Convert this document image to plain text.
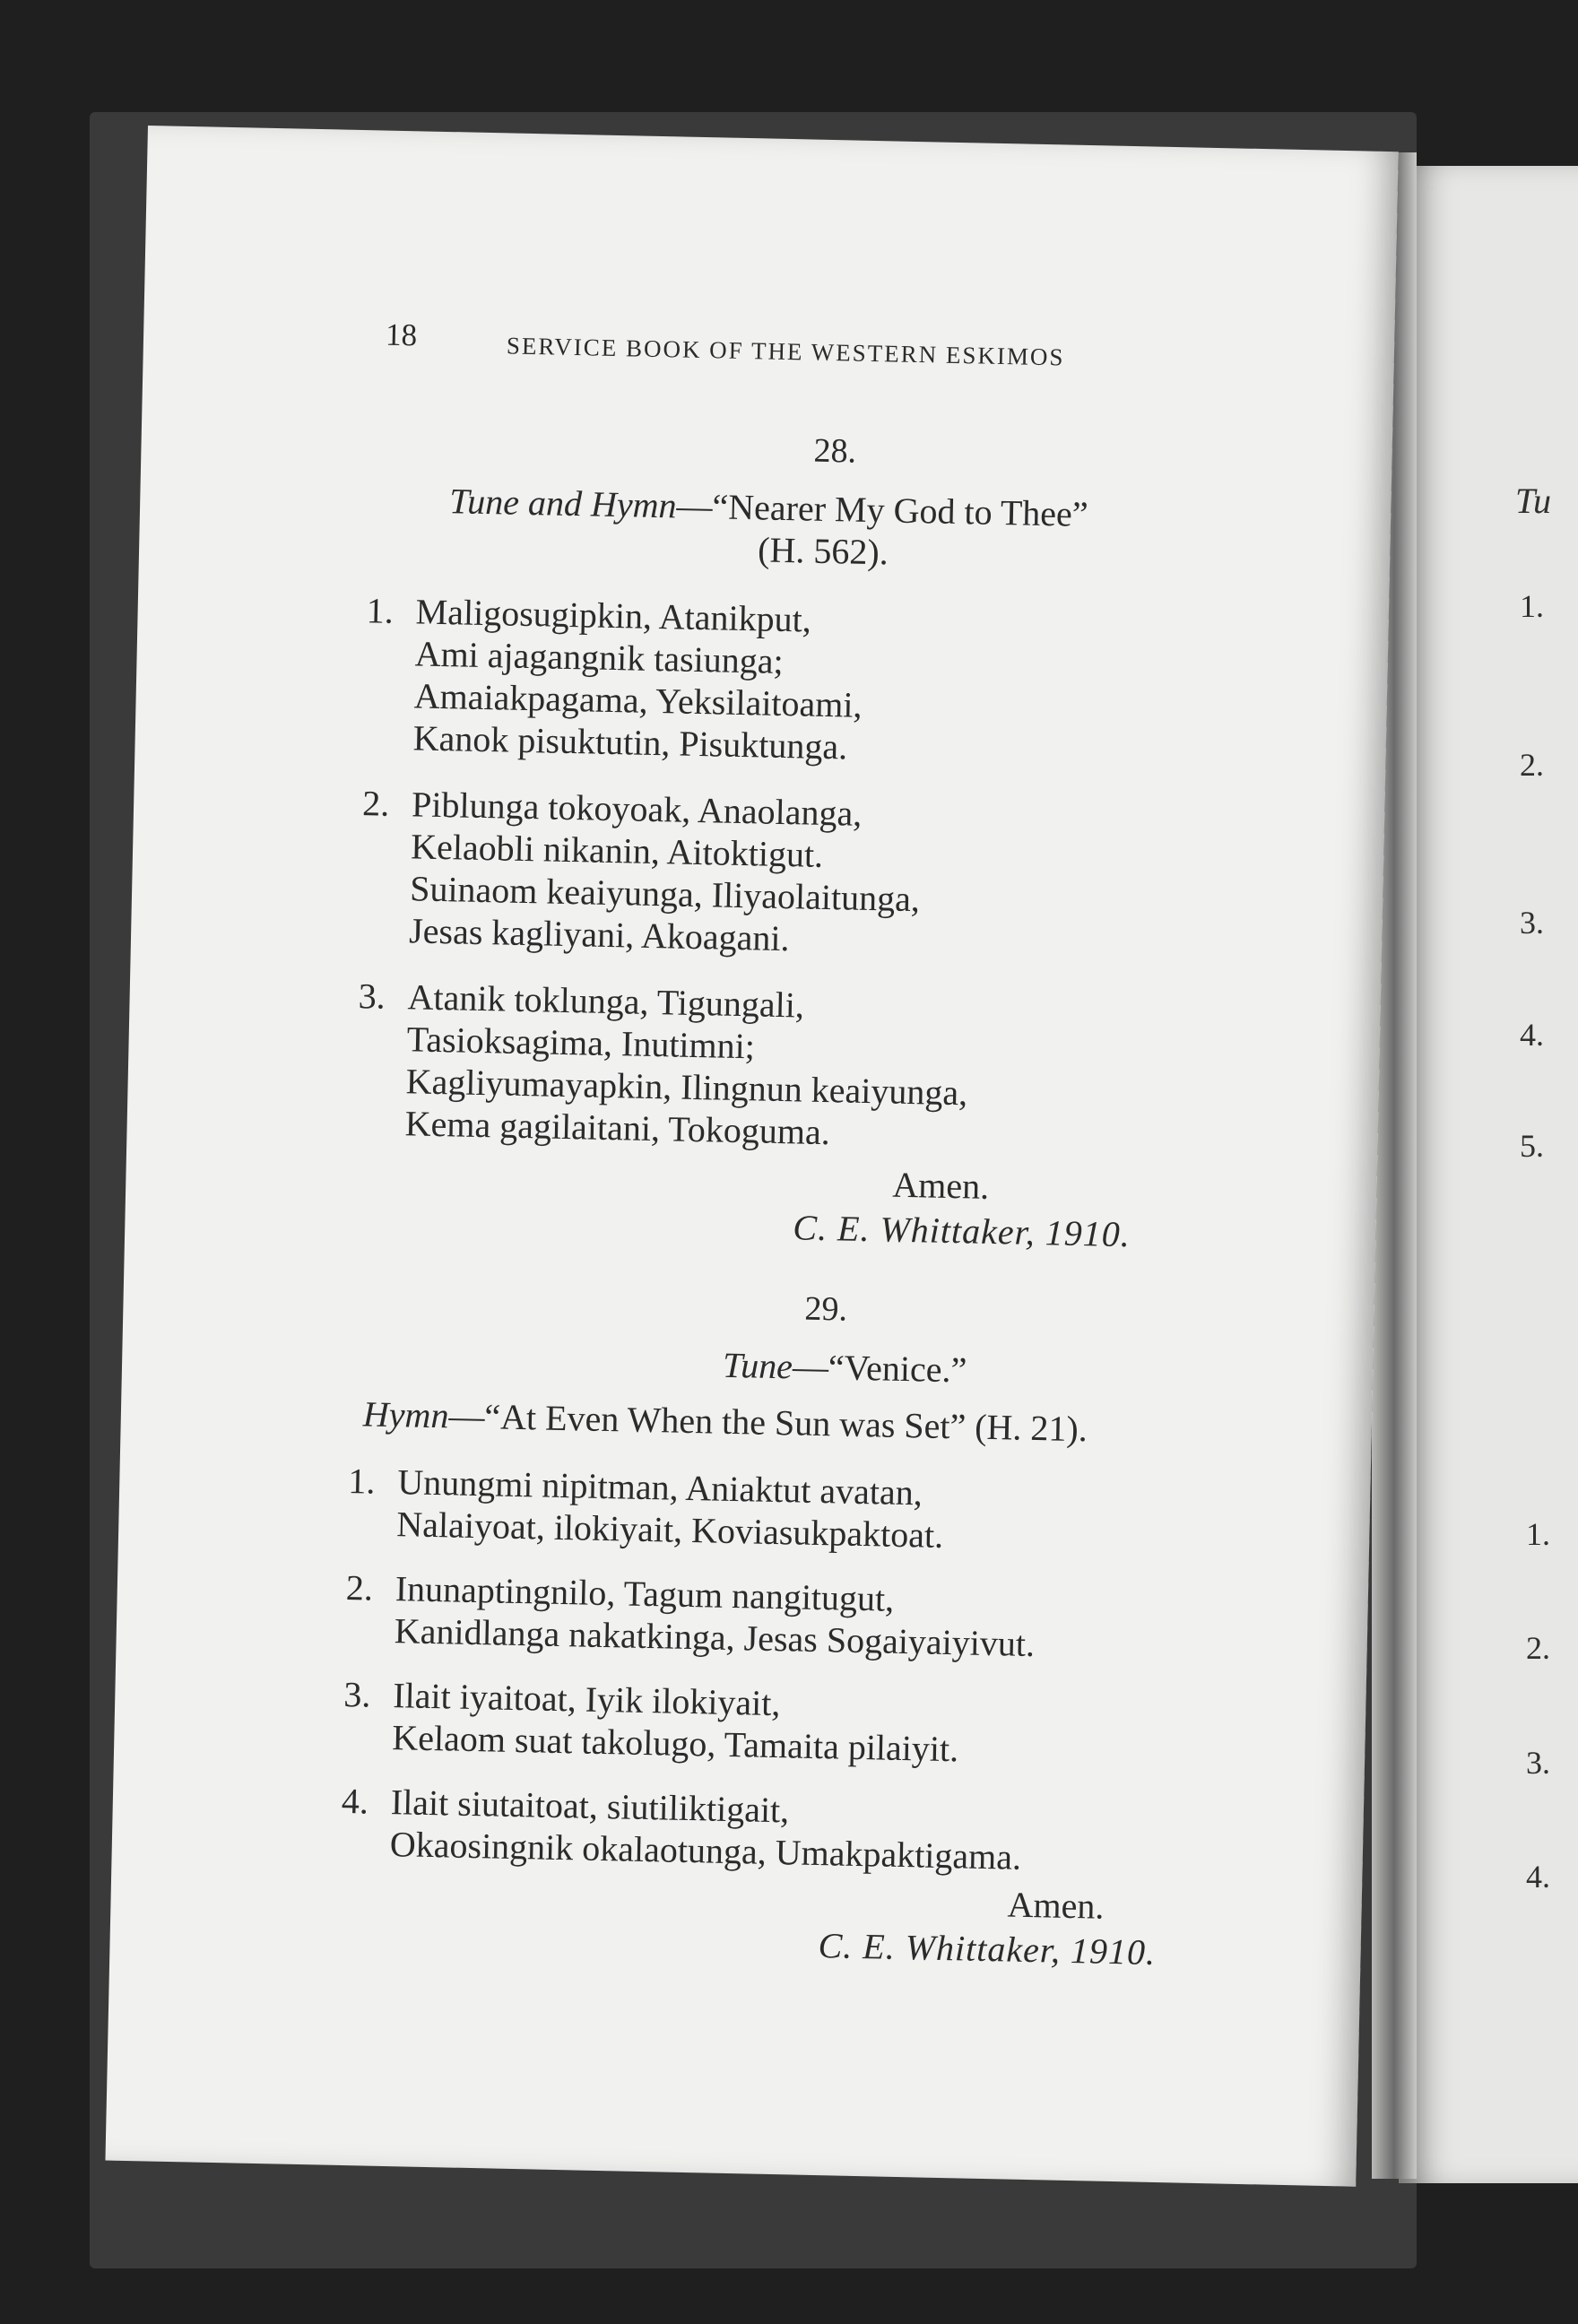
Tu
1.
2.
3.
4.
5.
1.
2.
3.
4.
18	SERVICE BOOK OF THE WESTERN ESKIMOS
28.
Tune and Hymn—“Nearer My God to Thee”
(H. 562).
1. Maligosugipkin, Atanikput,
Ami ajagangnik tasiunga;
Amaiakpagama, Yeksilaitoami,
Kanok pisuktutin, Pisuktunga.
2. Piblunga tokoyoak, Anaolanga,
Kelaobli nikanin, Aitoktigut.
Suinaom keaiyunga, Iliyaolaitunga,
Jesas kagliyani, Akoagani.
3. Atanik toklunga, Tigungali,
Tasioksagima, Inutimni;
Kagliyumayapkin, Ilingnun keaiyunga,
Kema gagilaitani, Tokoguma.
Amen.
C. E. Whittaker, 1910.
29.
Tune—“Venice.”
Hymn—“At Even When the Sun was Set” (H. 21).
1. Unungmi nipitman, Aniaktut avatan,
Nalaiyoat, ilokiyait, Koviasukpaktoat.
2. Inunaptingnilo, Tagum nangitugut,
Kanidlanga nakatkinga, Jesas Sogaiyaiyivut.
3. Ilait iyaitoat, Iyik ilokiyait,
Kelaom suat takolugo, Tamaita pilaiyit.
4. Ilait siutaitoat, siutiliktigait,
Okaosingnik okalaotunga, Umakpaktigama.
Amen.
C. E. Whittaker, 1910.
